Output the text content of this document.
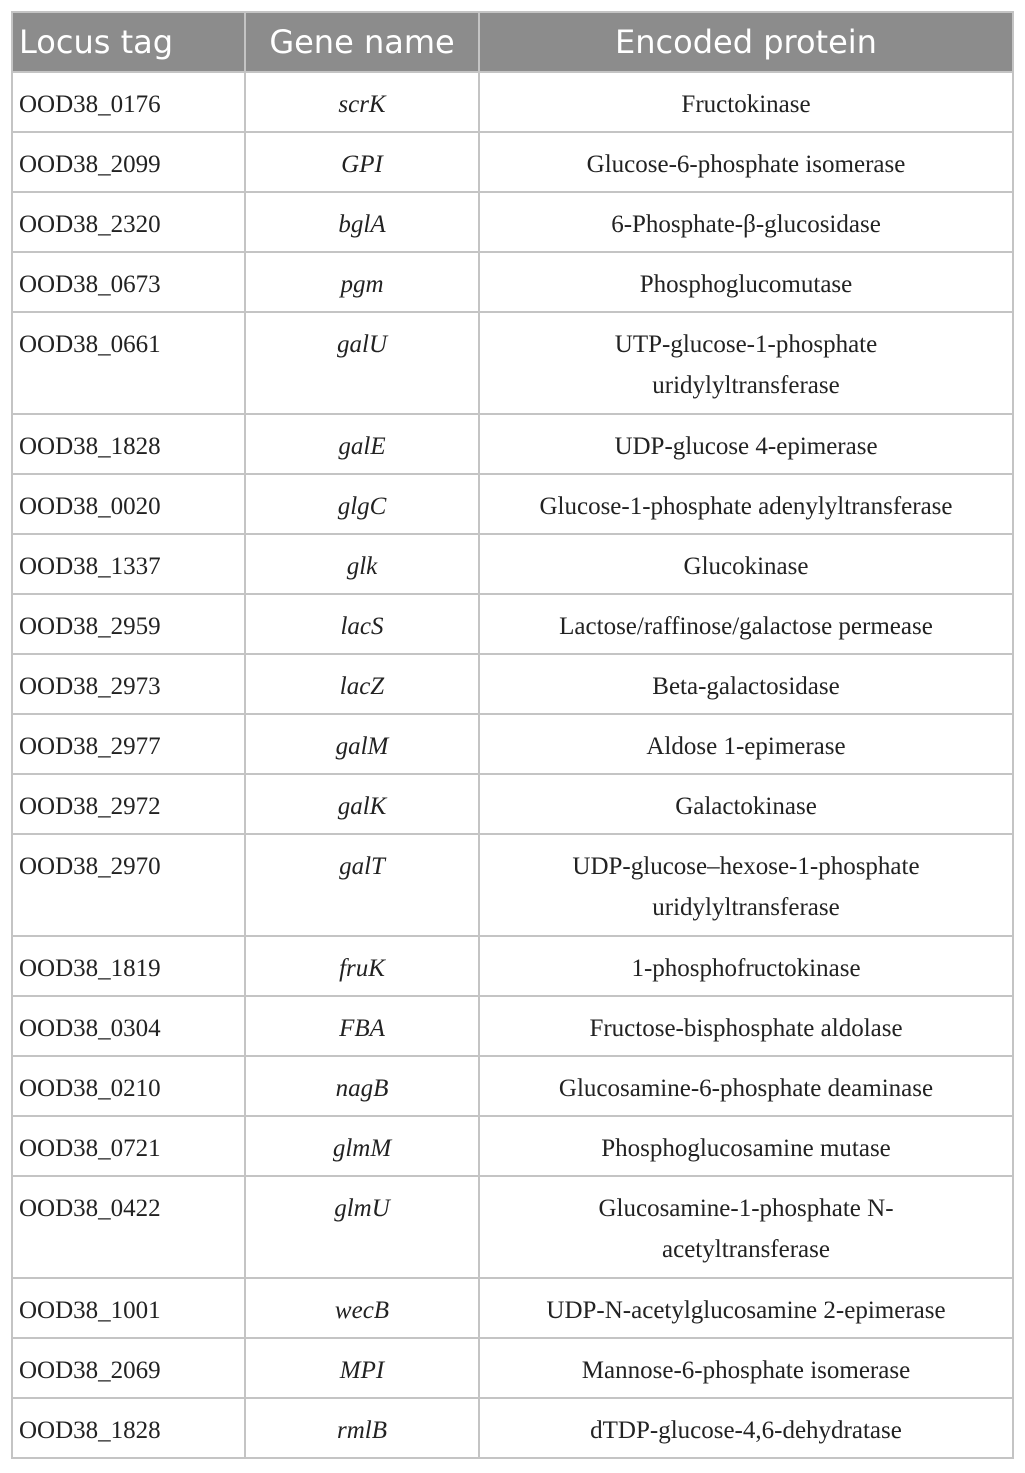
Locus tag	Gene name	Encoded protein
OOD38_0176	scrK	Fructokinase
OOD38_2099	GPI	Glucose-6-phosphate isomerase
OOD38_2320	bglA	6-Phosphate-β-glucosidase
OOD38_0673	pgm	Phosphoglucomutase
OOD38_0661	galU	UTP-glucose-1-phosphate uridylyltransferase
OOD38_1828	galE	UDP-glucose 4-epimerase
OOD38_0020	glgC	Glucose-1-phosphate adenylyltransferase
OOD38_1337	glk	Glucokinase
OOD38_2959	lacS	Lactose/raffinose/galactose permease
OOD38_2973	lacZ	Beta-galactosidase
OOD38_2977	galM	Aldose 1-epimerase
OOD38_2972	galK	Galactokinase
OOD38_2970	galT	UDP-glucose–hexose-1-phosphate uridylyltransferase
OOD38_1819	fruK	1-phosphofructokinase
OOD38_0304	FBA	Fructose-bisphosphate aldolase
OOD38_0210	nagB	Glucosamine-6-phosphate deaminase
OOD38_0721	glmM	Phosphoglucosamine mutase
OOD38_0422	glmU	Glucosamine-1-phosphate N-acetyltransferase
OOD38_1001	wecB	UDP-N-acetylglucosamine 2-epimerase
OOD38_2069	MPI	Mannose-6-phosphate isomerase
OOD38_1828	rmlB	dTDP-glucose-4,6-dehydratase
